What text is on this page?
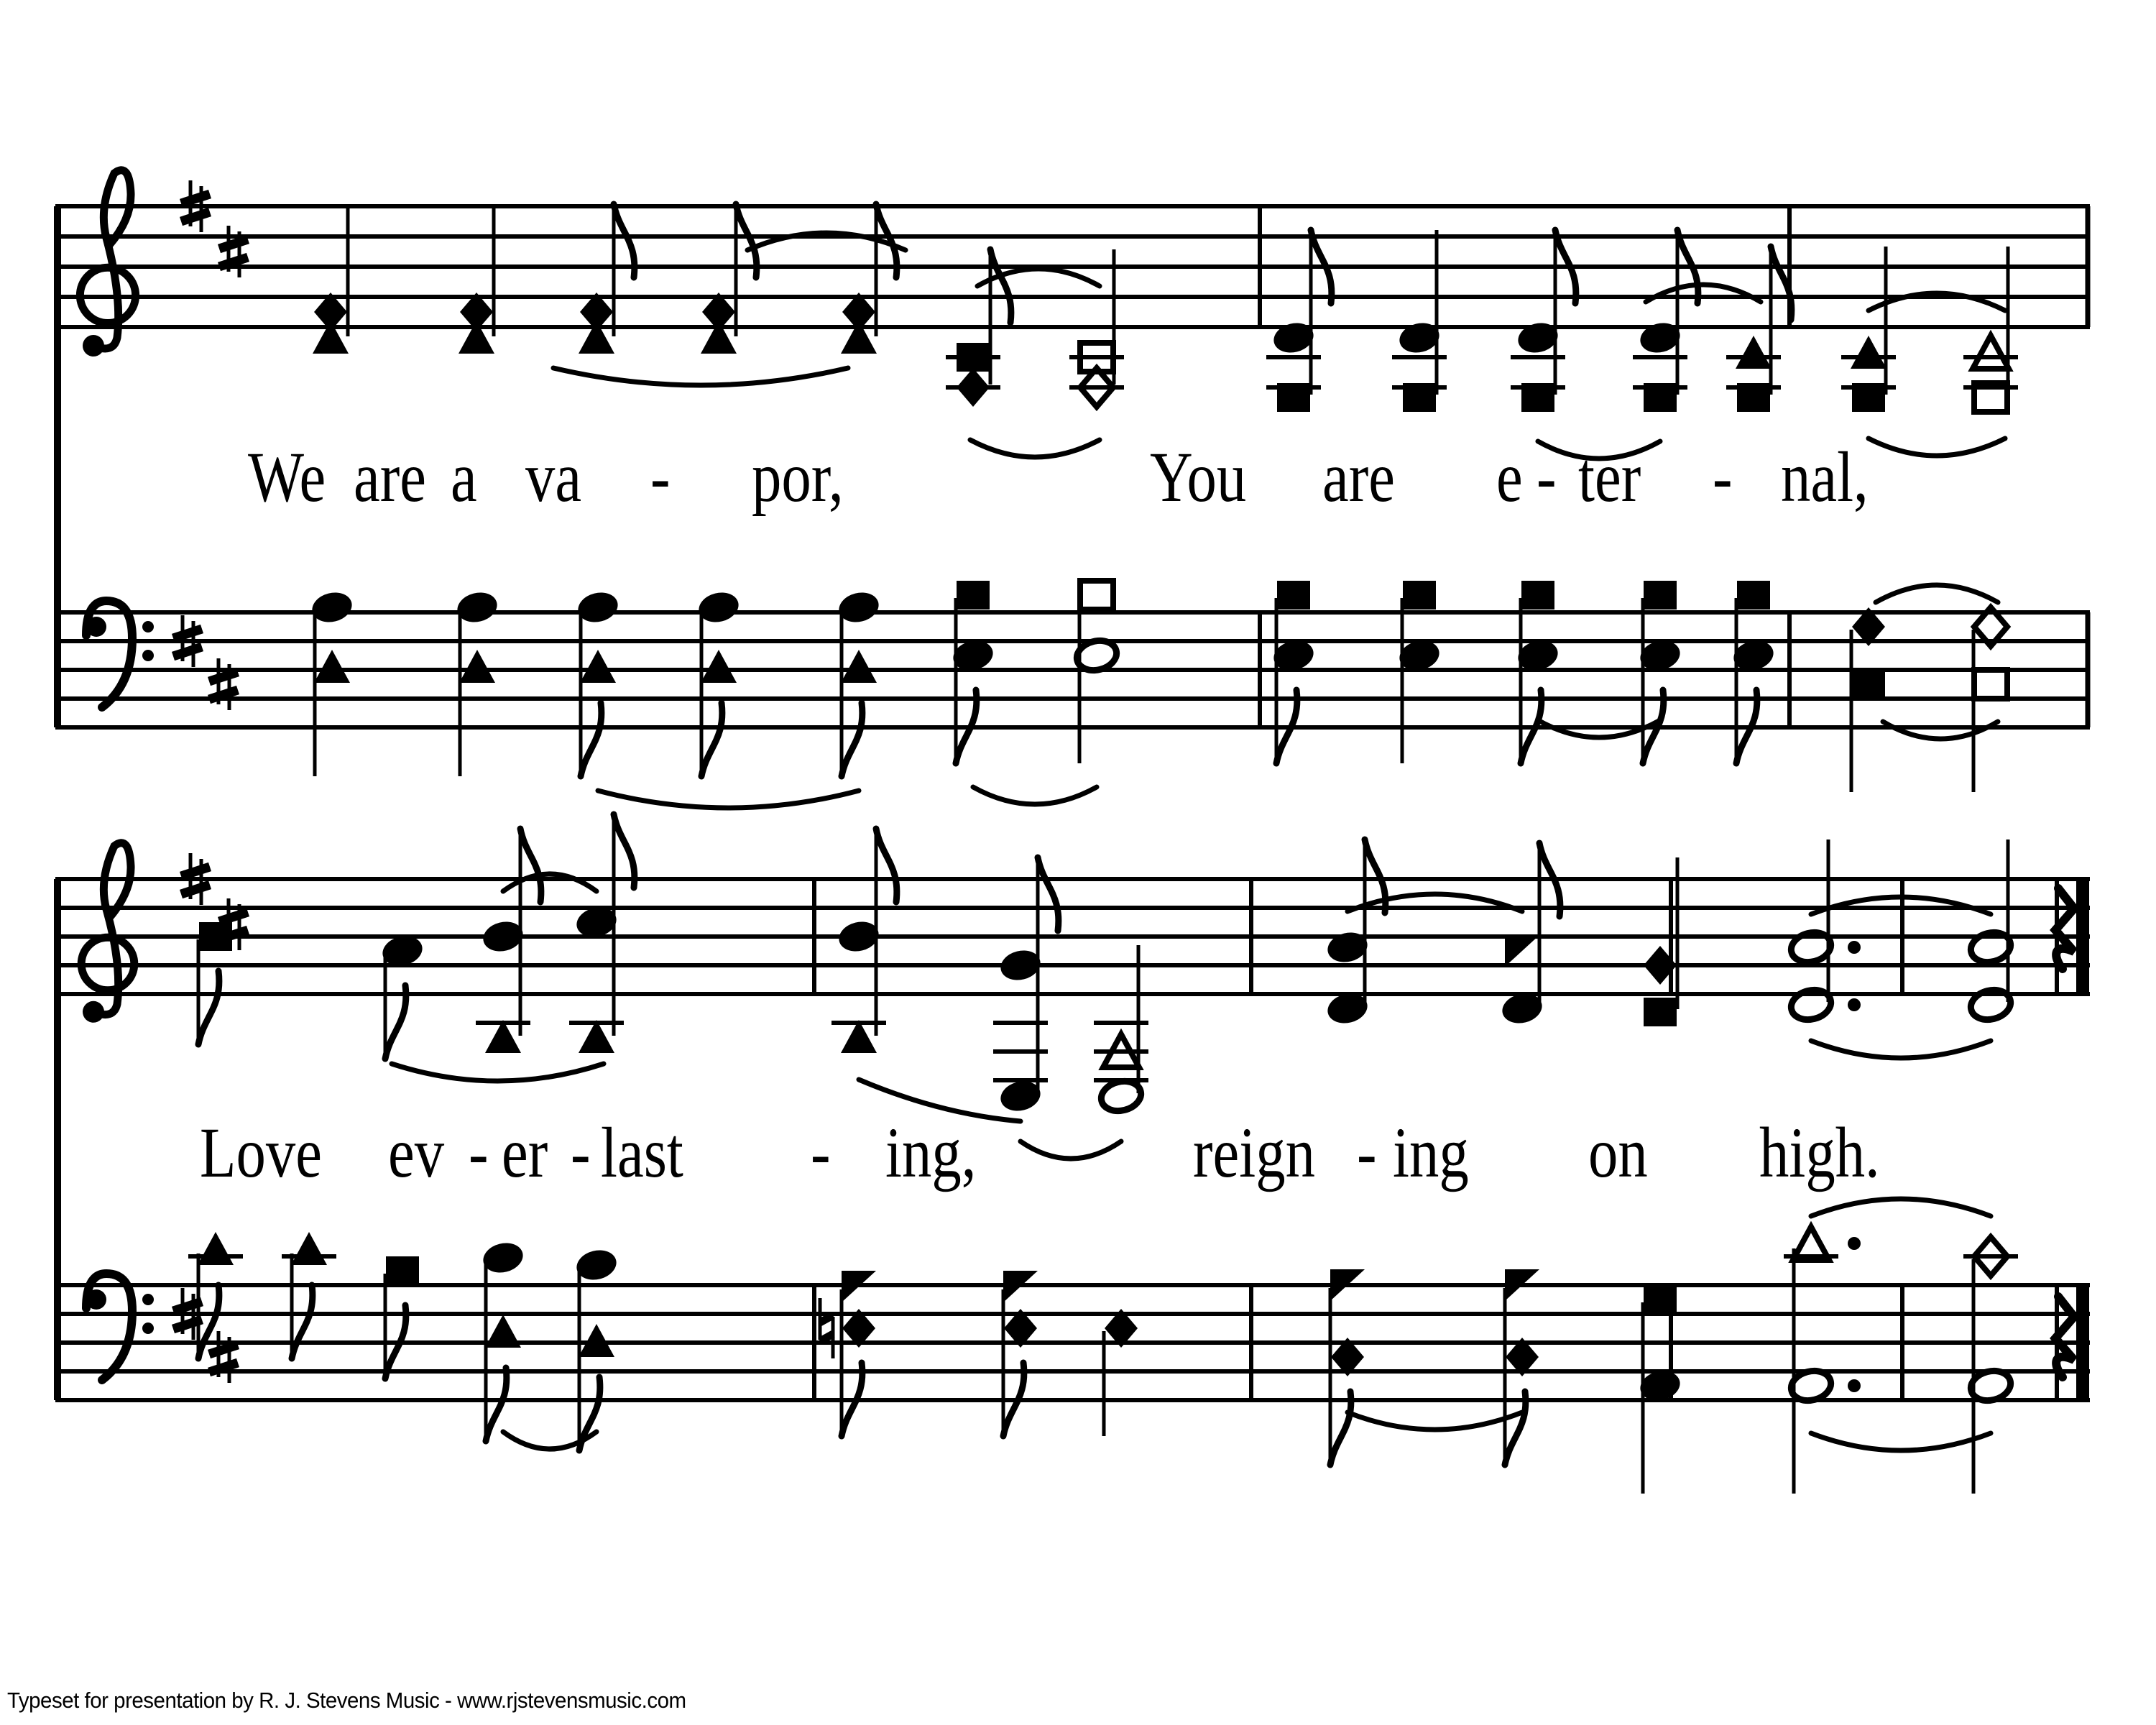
We are a va - por,	You are e - ter - nal,
Love ev - er - last - ing,	reign - ing on high.
Typeset for presentation by R. J. Stevens Music - www.rjstevensmusic.com
